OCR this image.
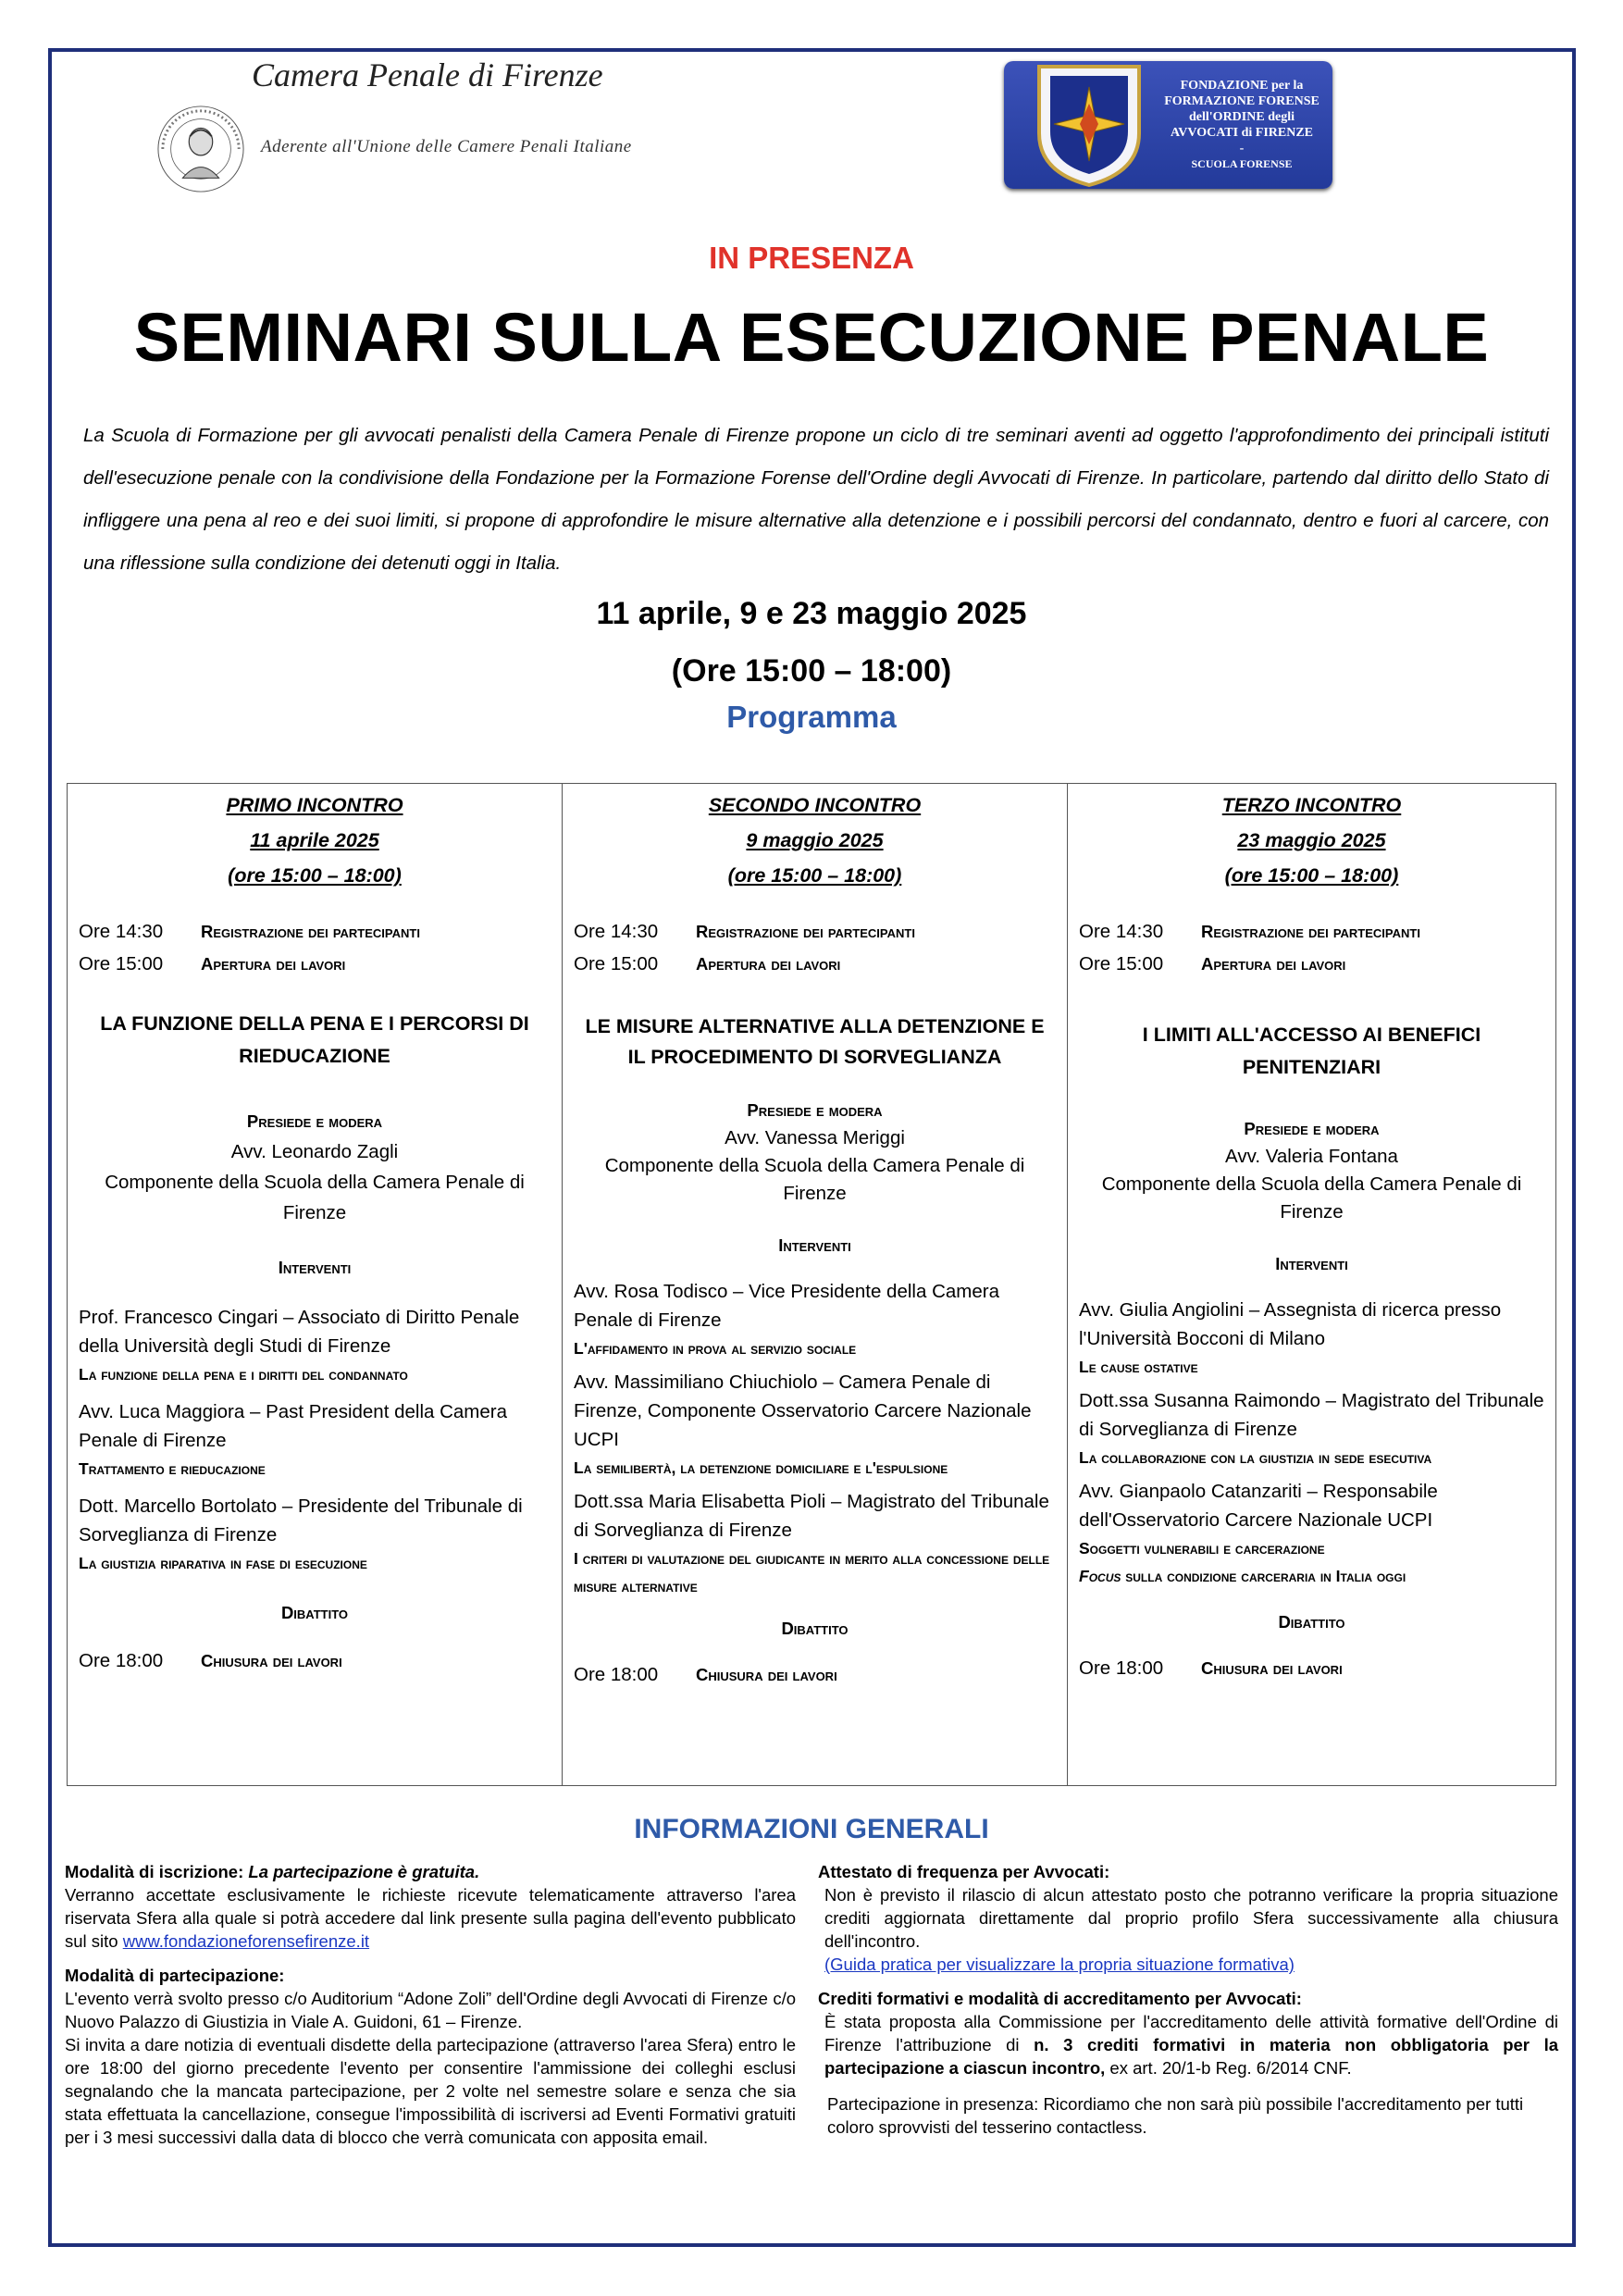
Camera Penale di Firenze
Aderente all'Unione delle Camere Penali Italiane
FONDAZIONE per la
FORMAZIONE FORENSE
dell'ORDINE degli
AVVOCATI di FIRENZE
-

SCUOLA FORENSE
IN PRESENZA
SEMINARI SULLA ESECUZIONE PENALE
La Scuola di Formazione per gli avvocati penalisti della Camera Penale di Firenze propone un ciclo di tre seminari aventi ad oggetto l'approfondimento dei principali istituti dell'esecuzione penale con la condivisione della Fondazione per la Formazione Forense dell'Ordine degli Avvocati di Firenze. In particolare, partendo dal diritto dello Stato di infliggere una pena al reo e dei suoi limiti, si propone di approfondire le misure alternative alla detenzione e i possibili percorsi del condannato, dentro e fuori al carcere, con una riflessione sulla condizione dei detenuti oggi in Italia.
11 aprile, 9 e 23 maggio 2025
(Ore 15:00 – 18:00)
Programma
PRIMO INCONTRO
11 aprile 2025
(ore 15:00 – 18:00)
Ore 14:30	Registrazione dei partecipanti
Ore 15:00	Apertura dei lavori
LA FUNZIONE DELLA PENA E I PERCORSI DI RIEDUCAZIONE
Presiede e modera
Avv. Leonardo Zagli
Componente della Scuola della Camera Penale di Firenze
Interventi
Prof. Francesco Cingari – Associato di Diritto Penale della Università degli Studi di Firenze
La funzione della pena e i diritti del condannato
Avv. Luca Maggiora – Past President della Camera Penale di Firenze
Trattamento e rieducazione
Dott. Marcello Bortolato – Presidente del Tribunale di Sorveglianza di Firenze
La giustizia riparativa in fase di esecuzione
Dibattito
Ore 18:00	Chiusura dei lavori
SECONDO INCONTRO
9 maggio 2025
(ore 15:00 – 18:00)
Ore 14:30	Registrazione dei partecipanti
Ore 15:00	Apertura dei lavori
LE MISURE ALTERNATIVE ALLA DETENZIONE E IL PROCEDIMENTO DI SORVEGLIANZA
Presiede e modera
Avv. Vanessa Meriggi
Componente della Scuola della Camera Penale di Firenze
Interventi
Avv. Rosa Todisco – Vice Presidente della Camera Penale di Firenze
L'affidamento in prova al servizio sociale
Avv. Massimiliano Chiuchiolo – Camera Penale di Firenze, Componente Osservatorio Carcere Nazionale UCPI
La semilibertà, la detenzione domiciliare e l'espulsione
Dott.ssa Maria Elisabetta Pioli – Magistrato del Tribunale di Sorveglianza di Firenze
I criteri di valutazione del giudicante in merito alla concessione delle misure alternative
Dibattito
Ore 18:00	Chiusura dei lavori
TERZO INCONTRO
23 maggio 2025
(ore 15:00 – 18:00)
Ore 14:30	Registrazione dei partecipanti
Ore 15:00	Apertura dei lavori
I LIMITI ALL'ACCESSO AI BENEFICI PENITENZIARI
Presiede e modera
Avv. Valeria Fontana
Componente della Scuola della Camera Penale di Firenze
Interventi
Avv. Giulia Angiolini – Assegnista di ricerca presso l'Università Bocconi di Milano
Le cause ostative
Dott.ssa Susanna Raimondo – Magistrato del Tribunale di Sorveglianza di Firenze
La collaborazione con la giustizia in sede esecutiva
Avv. Gianpaolo Catanzariti – Responsabile dell'Osservatorio Carcere Nazionale UCPI
Soggetti vulnerabili e carcerazione
Focus sulla condizione carceraria in Italia oggi
Dibattito
Ore 18:00	Chiusura dei lavori
INFORMAZIONI GENERALI
Modalità di iscrizione: La partecipazione è gratuita.
Verranno accettate esclusivamente le richieste ricevute telematicamente attraverso l'area riservata Sfera alla quale si potrà accedere dal link presente sulla pagina dell'evento pubblicato sul sito www.fondazioneforensefirenze.it
Modalità di partecipazione:
L'evento verrà svolto presso c/o Auditorium “Adone Zoli” dell'Ordine degli Avvocati di Firenze c/o Nuovo Palazzo di Giustizia in Viale A. Guidoni, 61 – Firenze.
Si invita a dare notizia di eventuali disdette della partecipazione (attraverso l'area Sfera) entro le ore 18:00 del giorno precedente l'evento per consentire l'ammissione dei colleghi esclusi segnalando che la mancata partecipazione, per 2 volte nel semestre solare e senza che sia stata effettuata la cancellazione, consegue l'impossibilità di iscriversi ad Eventi Formativi gratuiti per i 3 mesi successivi dalla data di blocco che verrà comunicata con apposita email.
Attestato di frequenza per Avvocati:
Non è previsto il rilascio di alcun attestato posto che potranno verificare la propria situazione crediti aggiornata direttamente dal proprio profilo Sfera successivamente alla chiusura dell'incontro.
(Guida pratica per visualizzare la propria situazione formativa)
Crediti formativi e modalità di accreditamento per Avvocati:
È stata proposta alla Commissione per l'accreditamento delle attività formative dell'Ordine di Firenze l'attribuzione di n. 3 crediti formativi in materia non obbligatoria per la partecipazione a ciascun incontro, ex art. 20/1-b Reg. 6/2014 CNF.
Partecipazione in presenza: Ricordiamo che non sarà più possibile l'accreditamento per tutti coloro sprovvisti del tesserino contactless.
